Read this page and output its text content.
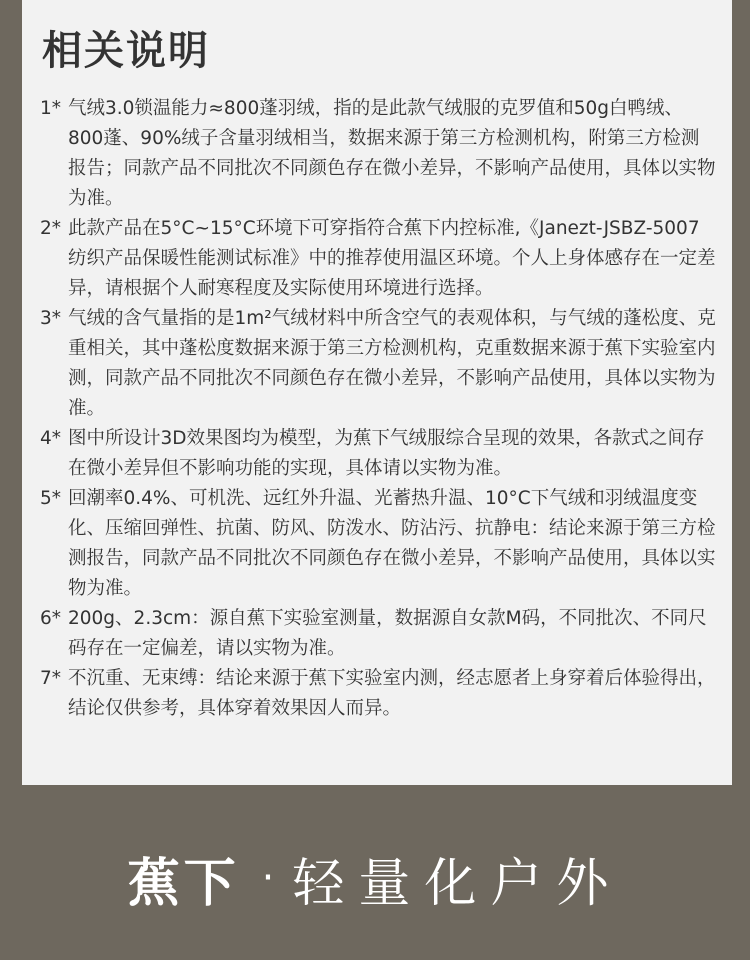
相关说明
1* 气绒3.0锁温能力≈800蓬羽绒，指的是此款气绒服的克罗值和50g白鸭绒、800蓬、90%绒子含量羽绒相当，数据来源于第三方检测机构，附第三方检测报告；同款产品不同批次不同颜色存在微小差异，不影响产品使用，具体以实物为准。
2* 此款产品在5°C~15°C环境下可穿指符合蕉下内控标准,《Janezt-JSBZ-5007纺织产品保暖性能测试标准》中的推荐使用温区环境。个人上身体感存在一定差异，请根据个人耐寒程度及实际使用环境进行选择。
3* 气绒的含气量指的是1m²气绒材料中所含空气的表观体积，与气绒的蓬松度、克重相关，其中蓬松度数据来源于第三方检测机构，克重数据来源于蕉下实验室内测，同款产品不同批次不同颜色存在微小差异，不影响产品使用，具体以实物为准。
4* 图中所设计3D效果图均为模型，为蕉下气绒服综合呈现的效果，各款式之间存在微小差异但不影响功能的实现，具体请以实物为准。
5* 回潮率0.4%、可机洗、远红外升温、光蓄热升温、10°C下气绒和羽绒温度变化、压缩回弹性、抗菌、防风、防泼水、防沾污、抗静电：结论来源于第三方检测报告，同款产品不同批次不同颜色存在微小差异，不影响产品使用，具体以实物为准。
6* 200g、2.3cm：源自蕉下实验室测量，数据源自女款M码，不同批次、不同尺码存在一定偏差，请以实物为准。
7* 不沉重、无束缚：结论来源于蕉下实验室内测，经志愿者上身穿着后体验得出，结论仅供参考，具体穿着效果因人而异。
蕉下 · 轻量化户外
